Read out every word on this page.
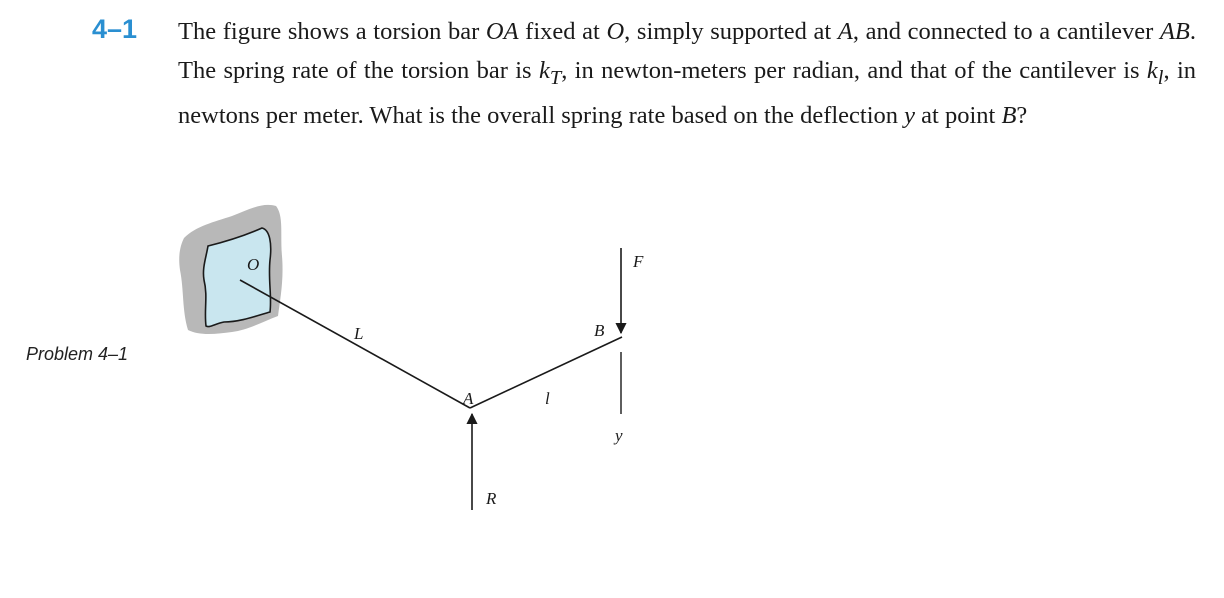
4–1 The figure shows a torsion bar OA fixed at O, simply supported at A, and connected to a cantilever AB. The spring rate of the torsion bar is $k_T$, in newton-meters per radian, and that of the cantilever is $k_l$, in newtons per meter. What is the overall spring rate based on the deflection y at point B?

Problem 4–1
O
L
A	l
B
F
y
R
